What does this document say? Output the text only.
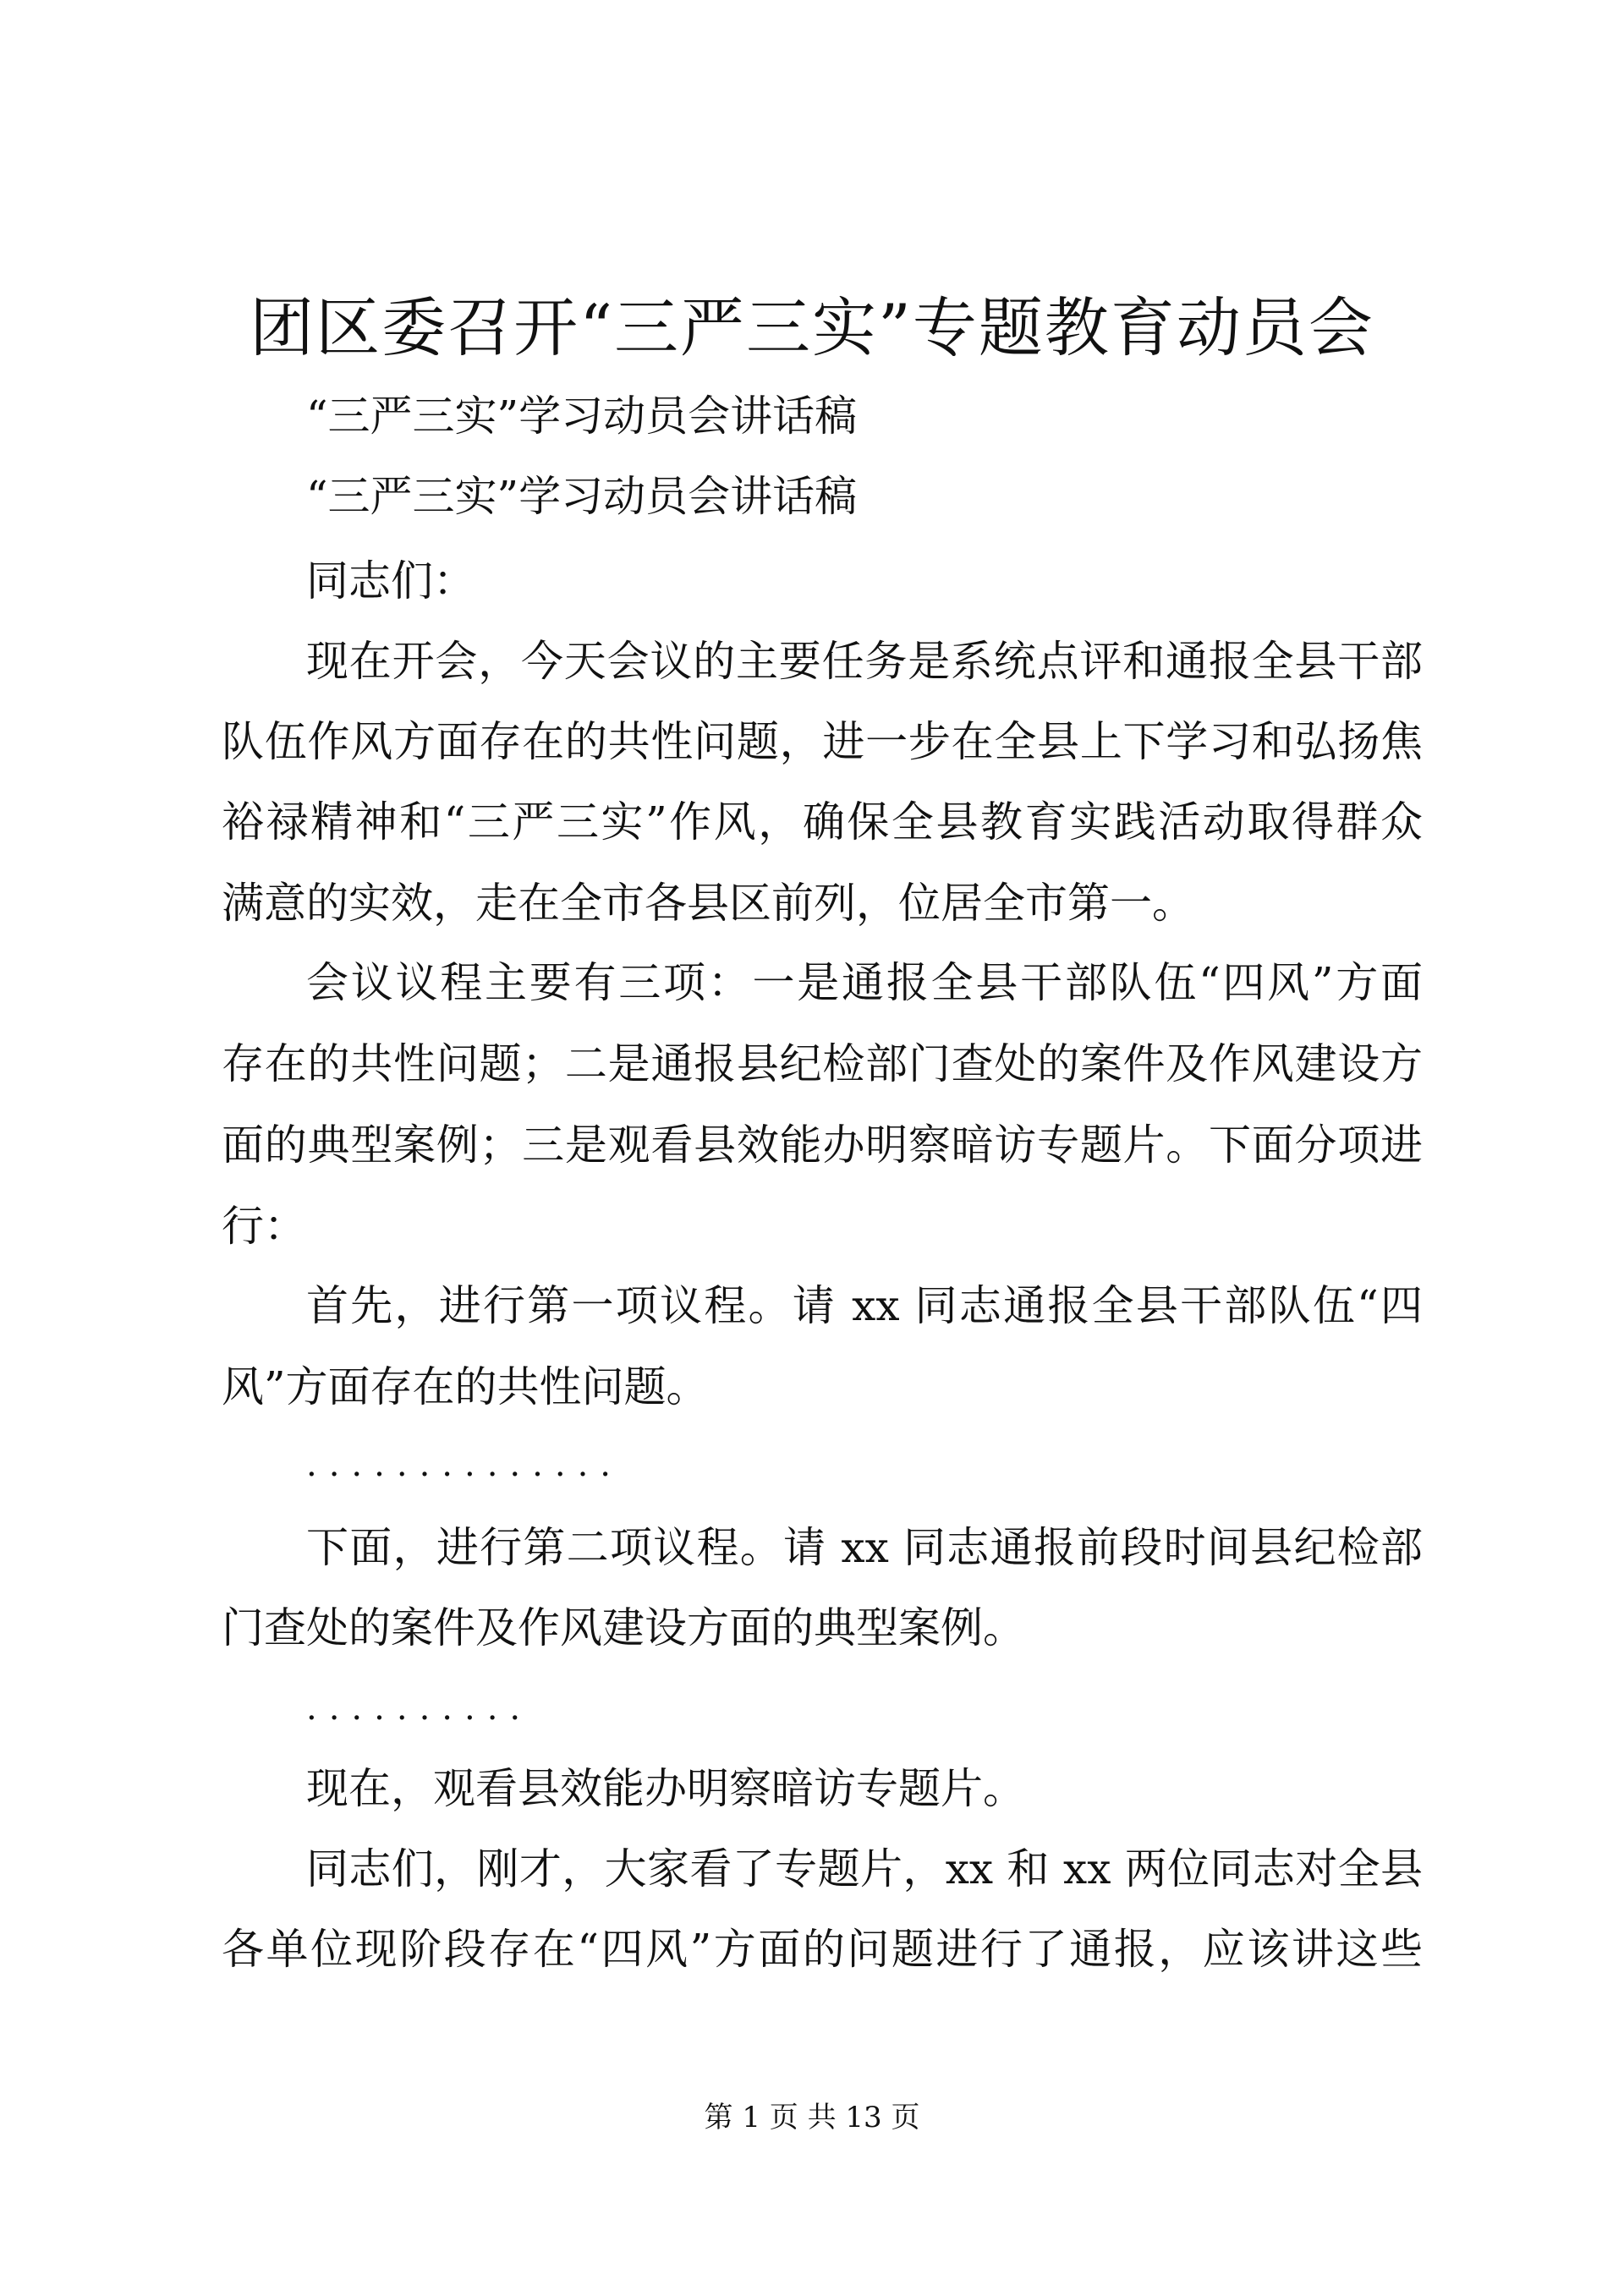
团区委召开“三严三实”专题教育动员会

“三严三实”学习动员会讲话稿

“三严三实”学习动员会讲话稿

同志们：

现在开会，今天会议的主要任务是系统点评和通报全县干部

队伍作风方面存在的共性问题，进一步在全县上下学习和弘扬焦

裕禄精神和“三严三实”作风，确保全县教育实践活动取得群众

满意的实效，走在全市各县区前列，位居全市第一。

会议议程主要有三项：一是通报全县干部队伍“四风”方面

存在的共性问题；二是通报县纪检部门查处的案件及作风建设方

面的典型案例；三是观看县效能办明察暗访专题片。下面分项进

行：

首先，进行第一项议程。请 xx 同志通报全县干部队伍“四

风”方面存在的共性问题。

..............

下面，进行第二项议程。请 xx 同志通报前段时间县纪检部

门查处的案件及作风建设方面的典型案例。

..........

现在，观看县效能办明察暗访专题片。

同志们，刚才，大家看了专题片，xx 和 xx 两位同志对全县

各单位现阶段存在“四风”方面的问题进行了通报，应该讲这些

第 1 页 共 13 页
